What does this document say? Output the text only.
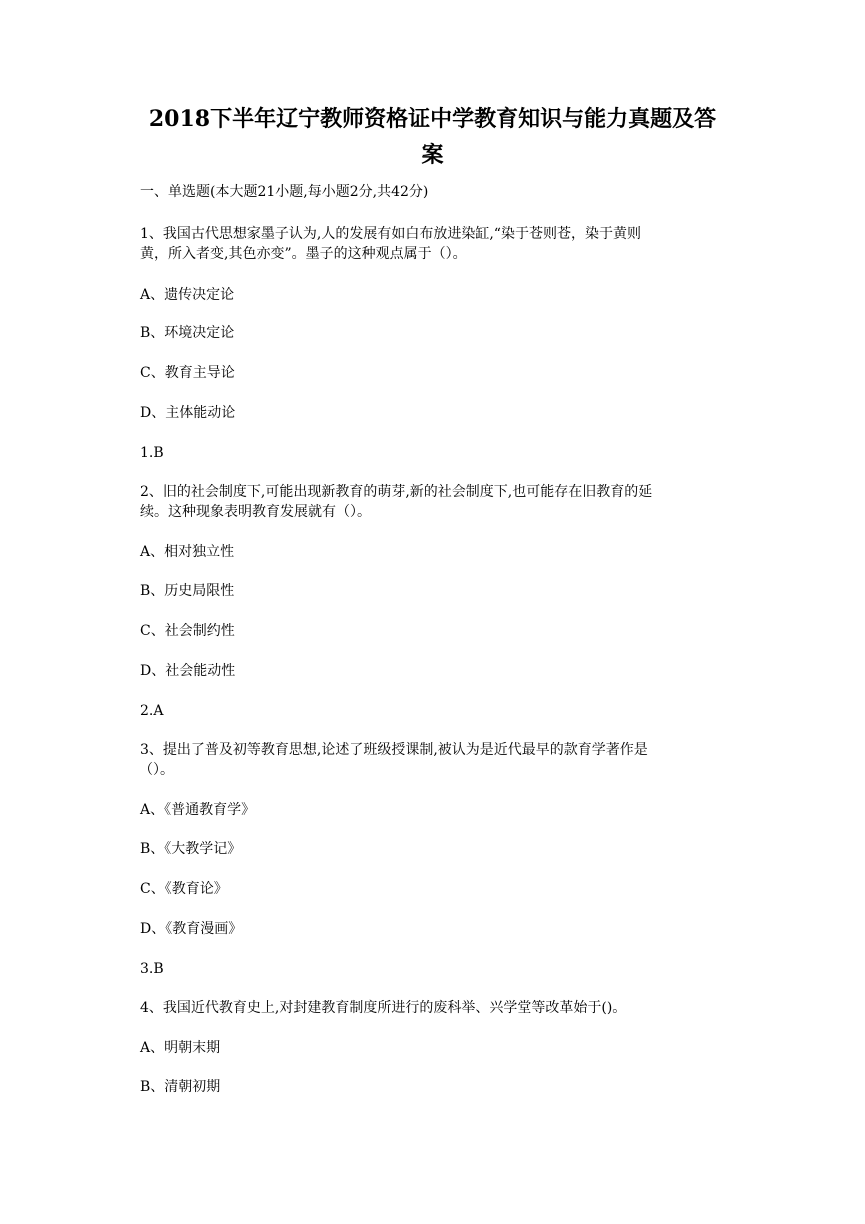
2018下半年辽宁教师资格证中学教育知识与能力真题及答
案

一、单选题(本大题21小题,每小题2分,共42分)

1、我国古代思想家墨子认为,人的发展有如白布放进染缸,“染于苍则苍，染于黄则

黄，所入者变,其色亦变”。墨子的这种观点属于（）。

A、遗传决定论

B、环境决定论

C、教育主导论

D、主体能动论

1.B

2、旧的社会制度下,可能出现新教育的萌芽,新的社会制度下,也可能存在旧教育的延

续。这种现象表明教育发展就有（）。

A、相对独立性

B、历史局限性

C、社会制约性

D、社会能动性

2.A

3、提出了普及初等教育思想,论述了班级授课制,被认为是近代最早的款育学著作是

（）。

A、《普通教育学》

B、《大教学记》

C、《教育论》

D、《教育漫画》

3.B

4、我国近代教育史上,对封建教育制度所进行的废科举、兴学堂等改革始于()。

A、明朝末期

B、清朝初期
